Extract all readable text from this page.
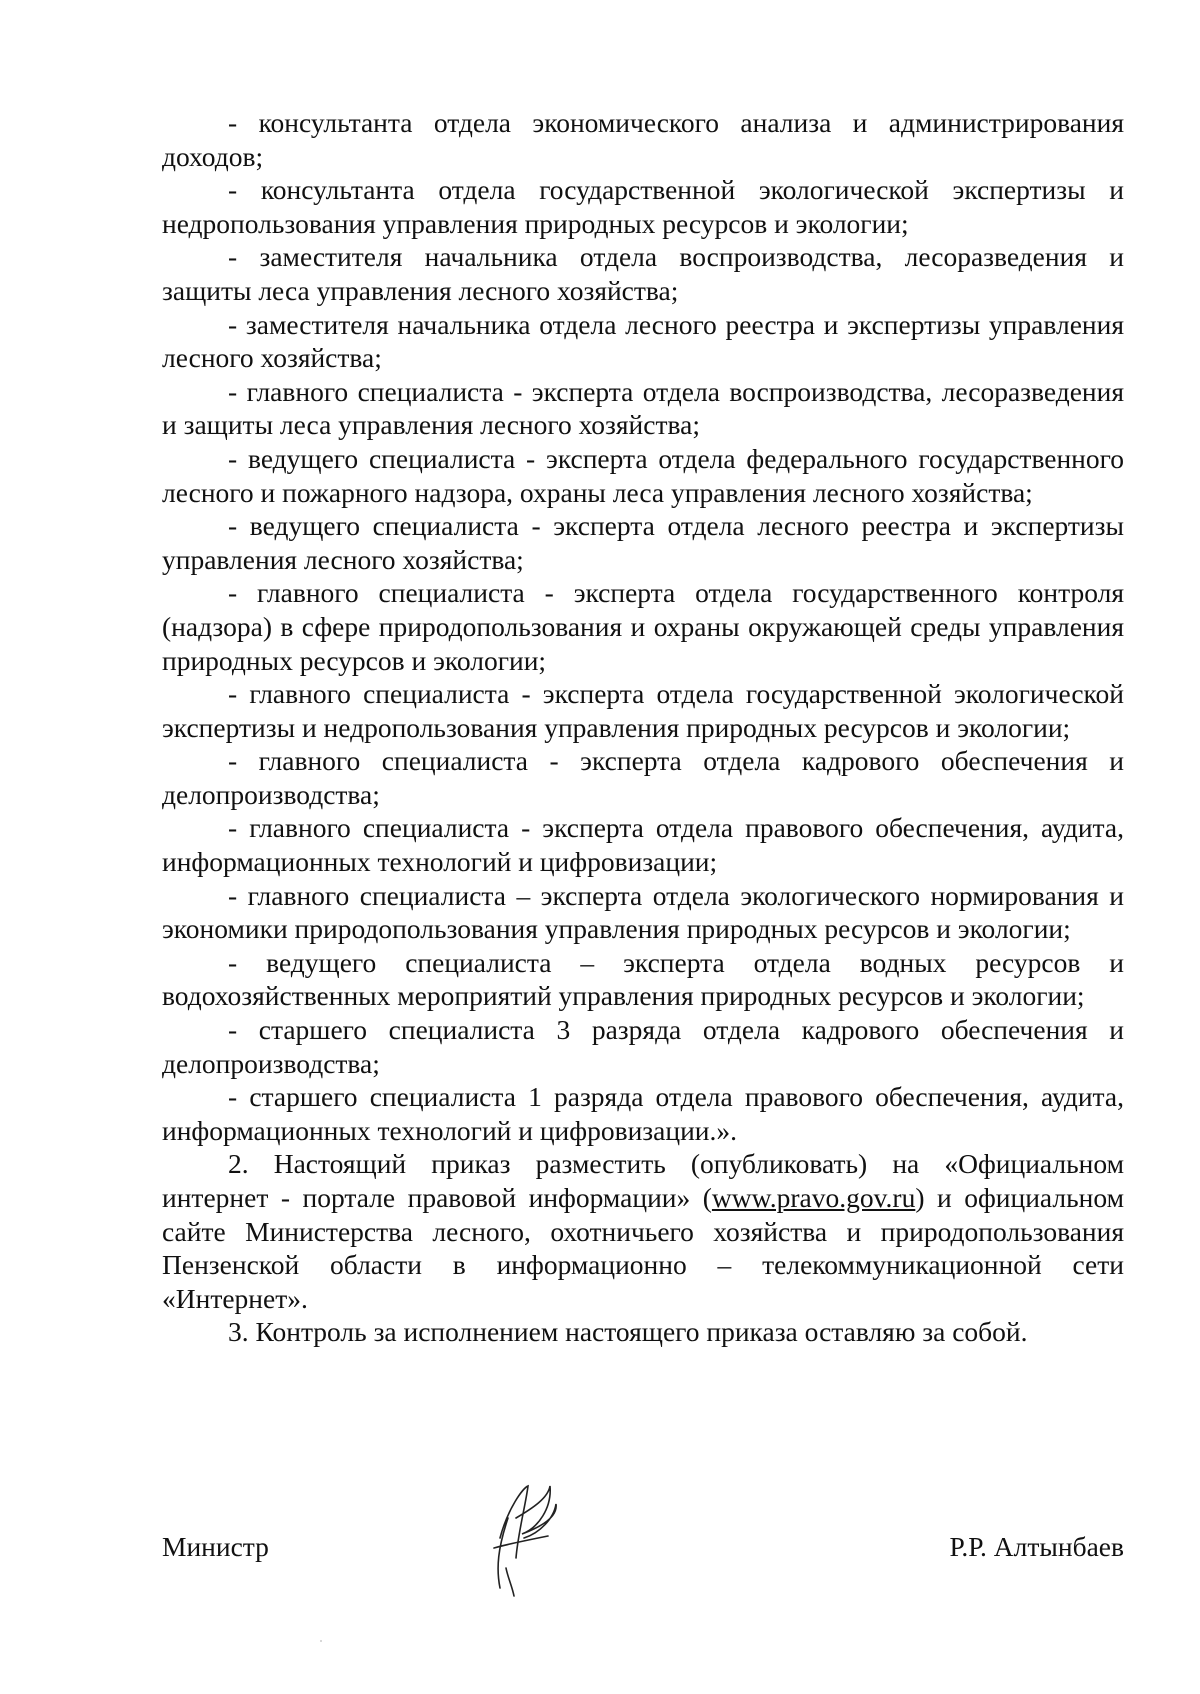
- консультанта отдела экономического анализа и администрирования доходов;

- консультанта отдела государственной экологической экспертизы и недропользования управления природных ресурсов и экологии;

- заместителя начальника отдела воспроизводства, лесоразведения и защиты леса управления лесного хозяйства;

- заместителя начальника отдела лесного реестра и экспертизы управления лесного хозяйства;

- главного специалиста - эксперта отдела воспроизводства, лесоразведения и защиты леса управления лесного хозяйства;

- ведущего специалиста - эксперта отдела федерального государственного лесного и пожарного надзора, охраны леса управления лесного хозяйства;

- ведущего специалиста - эксперта отдела лесного реестра и экспертизы управления лесного хозяйства;

- главного специалиста - эксперта отдела государственного контроля (надзора) в сфере природопользования и охраны окружающей среды управления природных ресурсов и экологии;

- главного специалиста - эксперта отдела государственной экологической экспертизы и недропользования управления природных ресурсов и экологии;

- главного специалиста - эксперта отдела кадрового обеспечения и делопроизводства;

- главного специалиста - эксперта отдела правового обеспечения, аудита, информационных технологий и цифровизации;

- главного специалиста – эксперта отдела экологического нормирования и экономики природопользования управления природных ресурсов и экологии;

- ведущего специалиста – эксперта отдела водных ресурсов и водохозяйственных мероприятий управления природных ресурсов и экологии;

- старшего специалиста 3 разряда отдела кадрового обеспечения и делопроизводства;

- старшего специалиста 1 разряда отдела правового обеспечения, аудита, информационных технологий и цифровизации.».

2. Настоящий приказ разместить (опубликовать) на «Официальном интернет - портале правовой информации» (www.pravo.gov.ru) и официальном сайте Министерства лесного, охотничьего хозяйства и природопользования Пензенской области в информационно – телекоммуникационной сети «Интернет».

3. Контроль за исполнением настоящего приказа оставляю за собой.

Министр	Р.Р. Алтынбаев
